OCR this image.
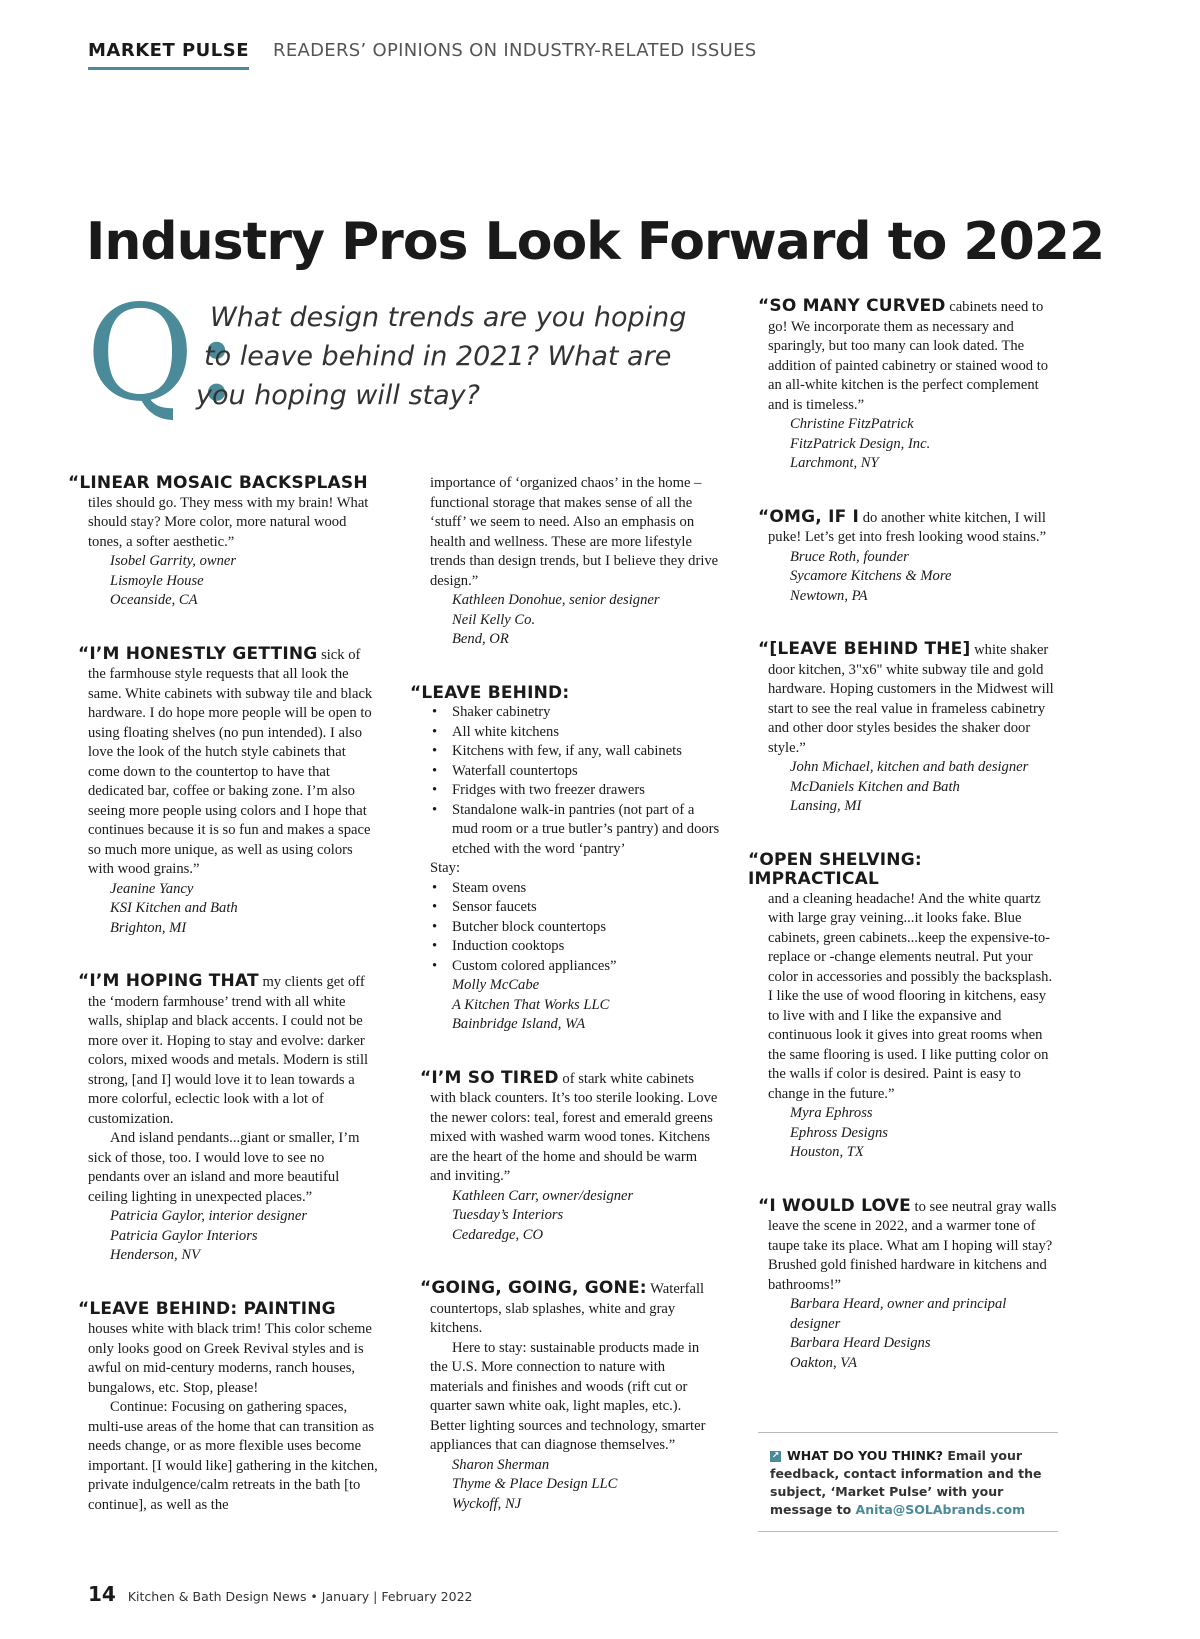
MARKET PULSE READERS’ OPINIONS ON INDUSTRY-RELATED ISSUES
Industry Pros Look Forward to 2022
Q:
What design trends are you hoping
to leave behind in 2021? What are
you hoping will stay?
“LINEAR MOSAIC BACKSPLASH

tiles should go. They mess with my brain! What should stay? More color, more natural wood tones, a softer aesthetic.”

Isobel Garrity, owner
Lismoyle House
Oceanside, CA

“I’M HONESTLY GETTING sick of the farmhouse style requests that all look the same. White cabinets with subway tile and black hardware. I do hope more people will be open to using floating shelves (no pun intended). I also love the look of the hutch style cabinets that come down to the countertop to have that dedicated bar, coffee or baking zone. I’m also seeing more people using colors and I hope that continues because it is so fun and makes a space so much more unique, as well as using colors with wood grains.”

Jeanine Yancy
KSI Kitchen and Bath
Brighton, MI

“I’M HOPING THAT my clients get off the ‘modern farmhouse’ trend with all white walls, shiplap and black accents. I could not be more over it. Hoping to stay and evolve: darker colors, mixed woods and metals. Modern is still strong, [and I] would love it to lean towards a more colorful, eclectic look with a lot of customization.

And island pendants...giant or smaller, I’m sick of those, too. I would love to see no pendants over an island and more beautiful ceiling lighting in unexpected places.”

Patricia Gaylor, interior designer
Patricia Gaylor Interiors
Henderson, NV

“LEAVE BEHIND: PAINTING houses white with black trim! This color scheme only looks good on Greek Revival styles and is awful on mid-century moderns, ranch houses, bungalows, etc. Stop, please!

Continue: Focusing on gathering spaces, multi-use areas of the home that can transition as needs change, or as more flexible uses become important. [I would like] gathering in the kitchen, private indulgence/calm retreats in the bath [to continue], as well as the

importance of ‘organized chaos’ in the home – functional storage that makes sense of all the ‘stuff’ we seem to need. Also an emphasis on health and wellness. These are more lifestyle trends than design trends, but I believe they drive design.”

Kathleen Donohue, senior designer
Neil Kelly Co.
Bend, OR
“LEAVE BEHIND:
• Shaker cabinetry
• All white kitchens
• Kitchens with few, if any, wall cabinets
• Waterfall countertops
• Fridges with two freezer drawers
• Standalone walk-in pantries (not part of a mud room or a true butler’s pantry) and doors etched with the word ‘pantry’

Stay:

• Steam ovens
• Sensor faucets
• Butcher block countertops
• Induction cooktops
• Custom colored appliances”
Molly McCabe
A Kitchen That Works LLC
Bainbridge Island, WA

“I’M SO TIRED of stark white cabinets with black counters. It’s too sterile looking. Love the newer colors: teal, forest and emerald greens mixed with washed warm wood tones. Kitchens are the heart of the home and should be warm and inviting.”

Kathleen Carr, owner/designer
Tuesday’s Interiors
Cedaredge, CO

“GOING, GOING, GONE: Waterfall countertops, slab splashes, white and gray kitchens.

Here to stay: sustainable products made in the U.S. More connection to nature with materials and finishes and woods (rift cut or quarter sawn white oak, light maples, etc.). Better lighting sources and technology, smarter appliances that can diagnose themselves.”

Sharon Sherman
Thyme & Place Design LLC
Wyckoff, NJ

“SO MANY CURVED cabinets need to go! We incorporate them as necessary and sparingly, but too many can look dated. The addition of painted cabinetry or stained wood to an all-white kitchen is the perfect complement and is timeless.”

Christine FitzPatrick
FitzPatrick Design, Inc.
Larchmont, NY

“OMG, IF I do another white kitchen, I will puke! Let’s get into fresh looking wood stains.”

Bruce Roth, founder
Sycamore Kitchens & More
Newtown, PA

“[LEAVE BEHIND THE] white shaker door kitchen, 3"x6" white subway tile and gold hardware. Hoping customers in the Midwest will start to see the real value in frameless cabinetry and other door styles besides the shaker door style.”

John Michael, kitchen and bath designer
McDaniels Kitchen and Bath
Lansing, MI
“OPEN SHELVING: IMPRACTICAL

and a cleaning headache! And the white quartz with large gray veining...it looks fake. Blue cabinets, green cabinets...keep the expensive-to-replace or -change elements neutral. Put your color in accessories and possibly the backsplash. I like the use of wood flooring in kitchens, easy to live with and I like the expansive and continuous look it gives into great rooms when the same flooring is used. I like putting color on the walls if color is desired. Paint is easy to change in the future.”

Myra Ephross
Ephross Designs
Houston, TX

“I WOULD LOVE to see neutral gray walls leave the scene in 2022, and a warmer tone of taupe take its place. What am I hoping will stay? Brushed gold finished hardware in kitchens and bathrooms!”

Barbara Heard, owner and principal designer
Barbara Heard Designs
Oakton, VA
↗ WHAT DO YOU THINK? Email your feedback, contact information and the subject, ‘Market Pulse’ with your message to Anita@SOLAbrands.com
14 Kitchen & Bath Design News • January | February 2022
